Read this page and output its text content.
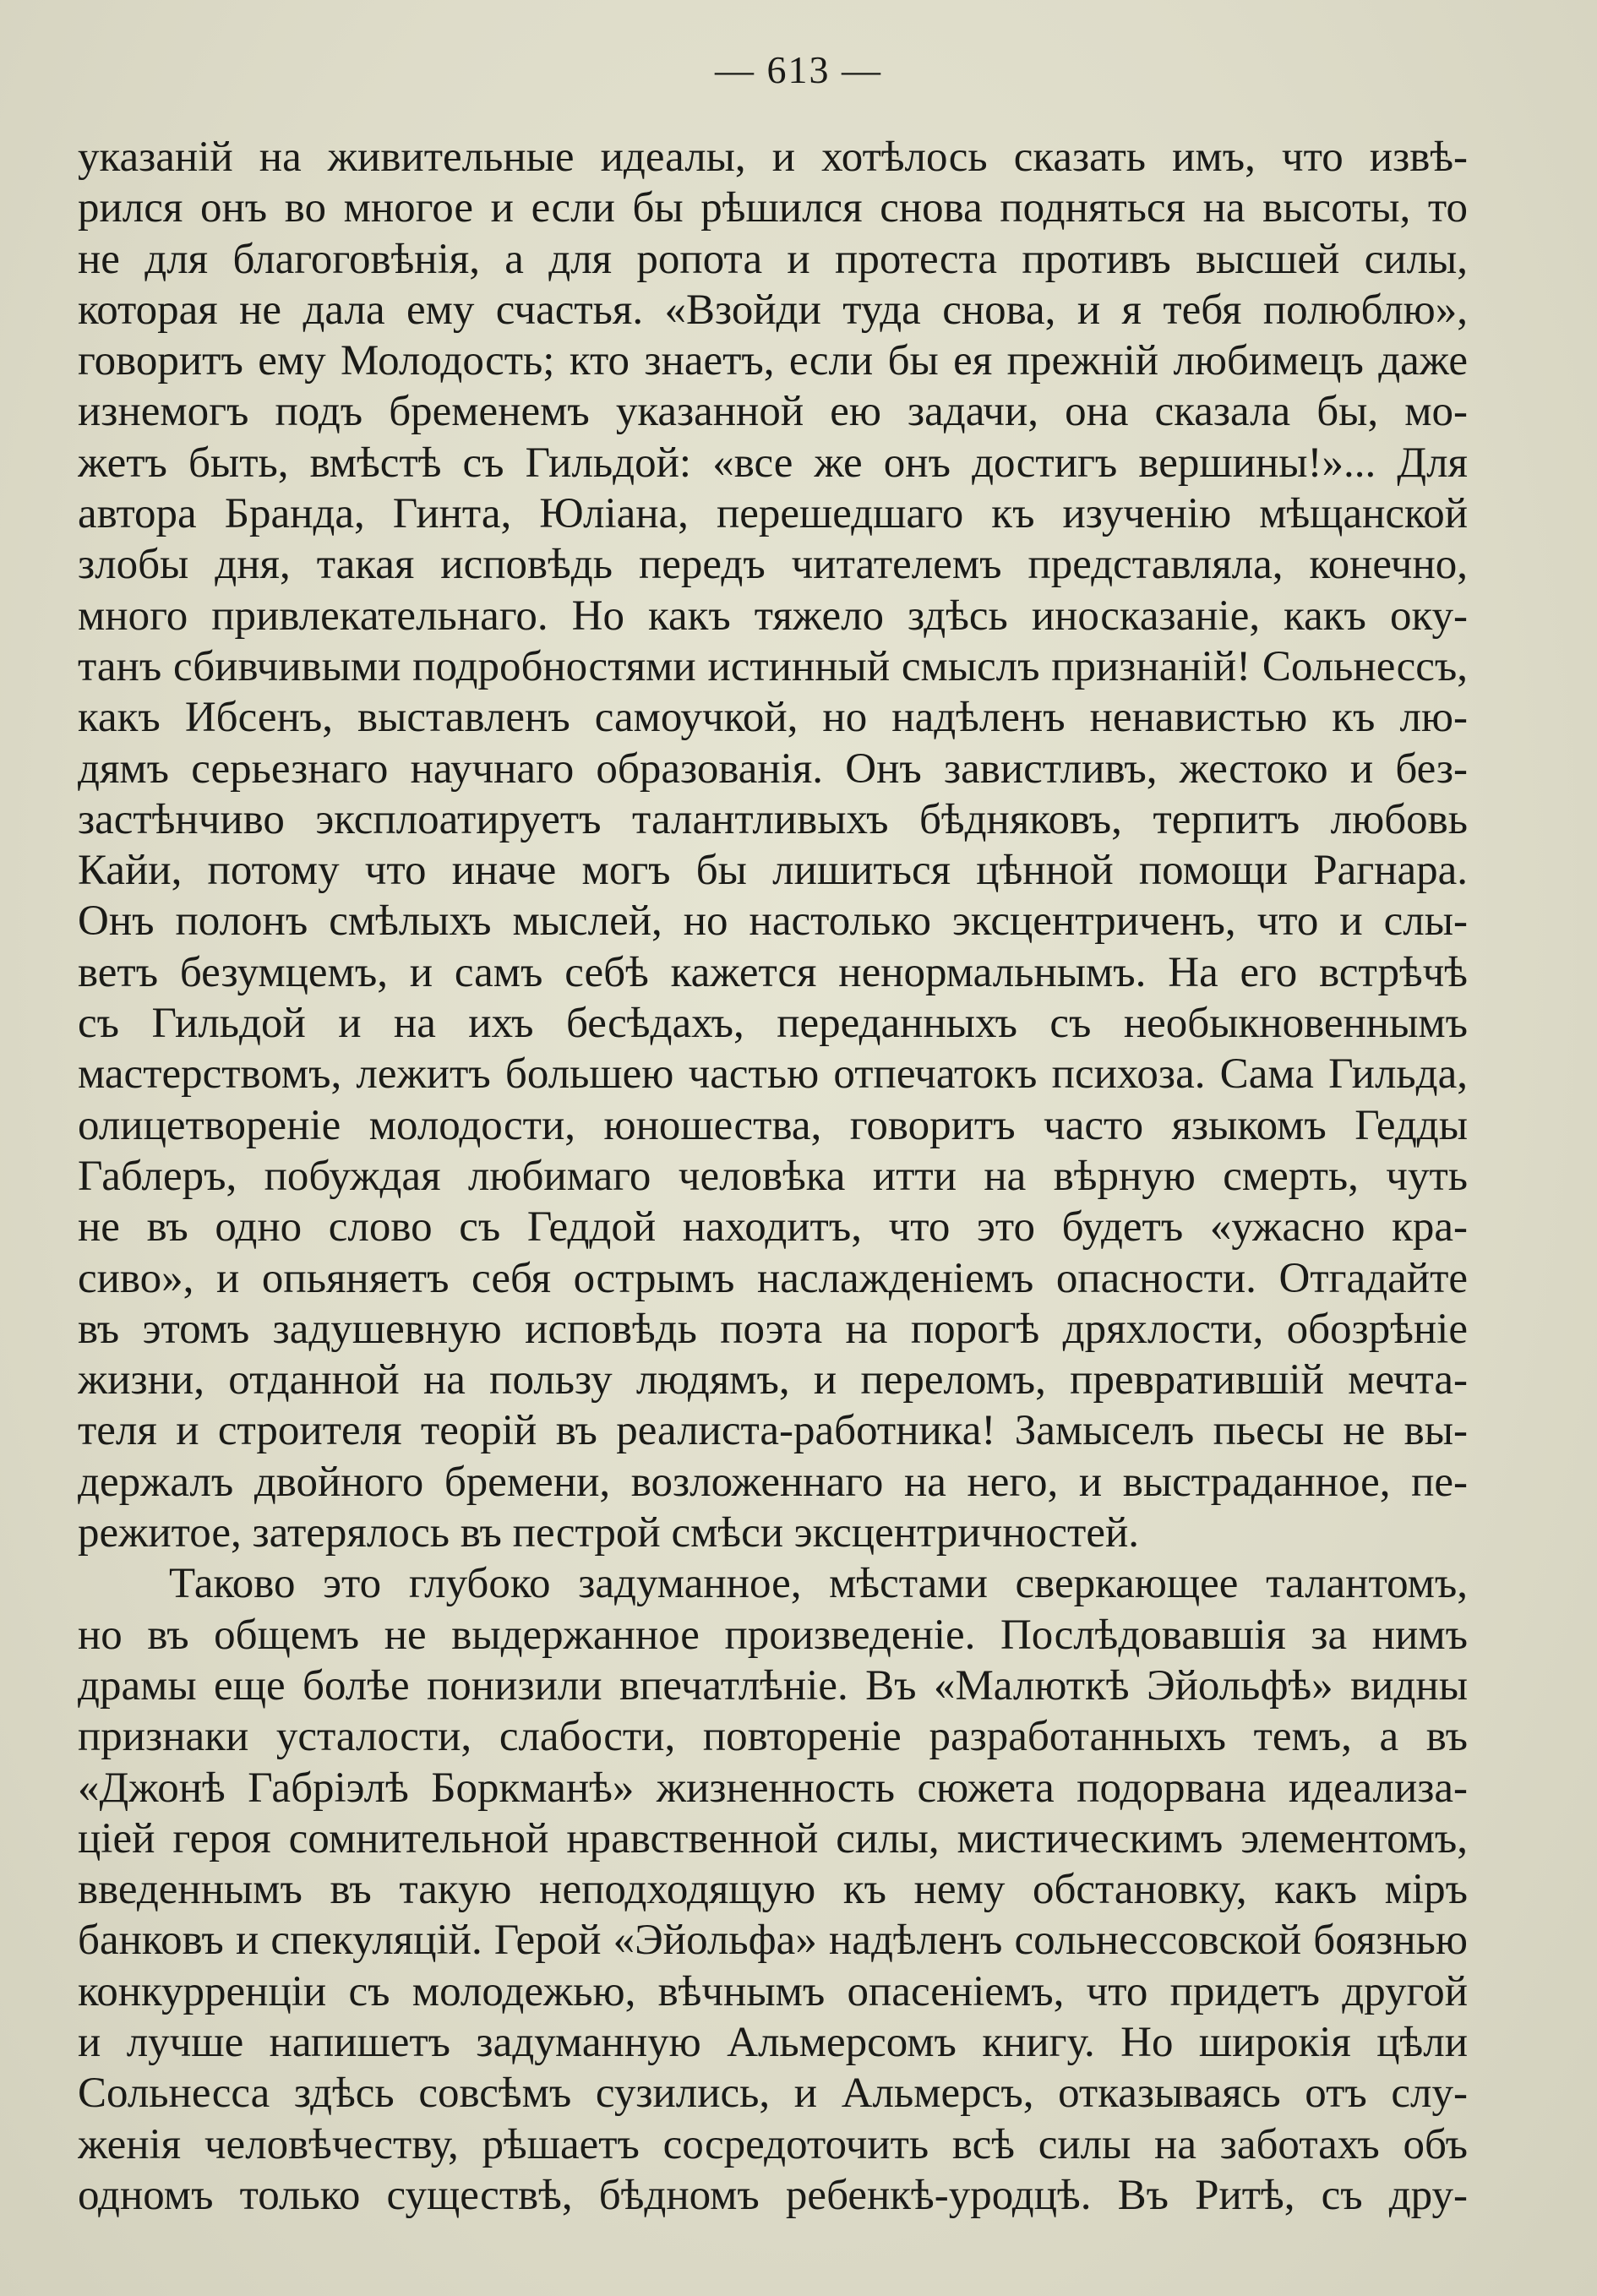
— 613 —
указаній на живительные идеалы, и хотѣлось сказать имъ, что извѣ-
рился онъ во многое и если бы рѣшился снова подняться на высоты, то
не для благоговѣнія, а для ропота и протеста противъ высшей силы,
которая не дала ему счастья. «Взойди туда снова, и я тебя полюблю»,
говоритъ ему Молодость; кто знаетъ, если бы ея прежній любимецъ даже
изнемогъ подъ бременемъ указанной ею задачи, она сказала бы, мо-
жетъ быть, вмѣстѣ съ Гильдой: «все же онъ достигъ вершины!»... Для
автора Бранда, Гинта, Юліана, перешедшаго къ изученію мѣщанской
злобы дня, такая исповѣдь передъ читателемъ представляла, конечно,
много привлекательнаго. Но какъ тяжело здѣсь иносказаніе, какъ оку-
танъ сбивчивыми подробностями истинный смыслъ признаній! Сольнессъ,
какъ Ибсенъ, выставленъ самоучкой, но надѣленъ ненавистью къ лю-
дямъ серьезнаго научнаго образованія. Онъ завистливъ, жестоко и без-
застѣнчиво эксплоатируетъ талантливыхъ бѣдняковъ, терпитъ любовь
Кайи, потому что иначе могъ бы лишиться цѣнной помощи Рагнара.
Онъ полонъ смѣлыхъ мыслей, но настолько эксцентриченъ, что и слы-
ветъ безумцемъ, и самъ себѣ кажется ненормальнымъ. На его встрѣчѣ
съ Гильдой и на ихъ бесѣдахъ, переданныхъ съ необыкновеннымъ
мастерствомъ, лежитъ большею частью отпечатокъ психоза. Сама Гильда,
олицетвореніе молодости, юношества, говоритъ часто языкомъ Гедды
Габлеръ, побуждая любимаго человѣка итти на вѣрную смерть, чуть
не въ одно слово съ Геддой находитъ, что это будетъ «ужасно кра-
сиво», и опьяняетъ себя острымъ наслажденіемъ опасности. Отгадайте
въ этомъ задушевную исповѣдь поэта на порогѣ дряхлости, обозрѣніе
жизни, отданной на пользу людямъ, и переломъ, превратившій мечта-
теля и строителя теорій въ реалиста-работника! Замыселъ пьесы не вы-
держалъ двойного бремени, возложеннаго на него, и выстраданное, пе-
режитое, затерялось въ пестрой смѣси эксцентричностей.
Таково это глубоко задуманное, мѣстами сверкающее талантомъ,
но въ общемъ не выдержанное произведеніе. Послѣдовавшія за нимъ
драмы еще болѣе понизили впечатлѣніе. Въ «Малюткѣ Эйольфѣ» видны
признаки усталости, слабости, повтореніе разработанныхъ темъ, а въ
«Джонѣ Габріэлѣ Боркманѣ» жизненность сюжета подорвана идеализа-
ціей героя сомнительной нравственной силы, мистическимъ элементомъ,
введеннымъ въ такую неподходящую къ нему обстановку, какъ міръ
банковъ и спекуляцій. Герой «Эйольфа» надѣленъ сольнессовской боязнью
конкурренціи съ молодежью, вѣчнымъ опасеніемъ, что придетъ другой
и лучше напишетъ задуманную Альмерсомъ книгу. Но широкія цѣли
Сольнесса здѣсь совсѣмъ сузились, и Альмерсъ, отказываясь отъ слу-
женія человѣчеству, рѣшаетъ сосредоточить всѣ силы на заботахъ объ
одномъ только существѣ, бѣдномъ ребенкѣ-уродцѣ. Въ Ритѣ, съ дру-
